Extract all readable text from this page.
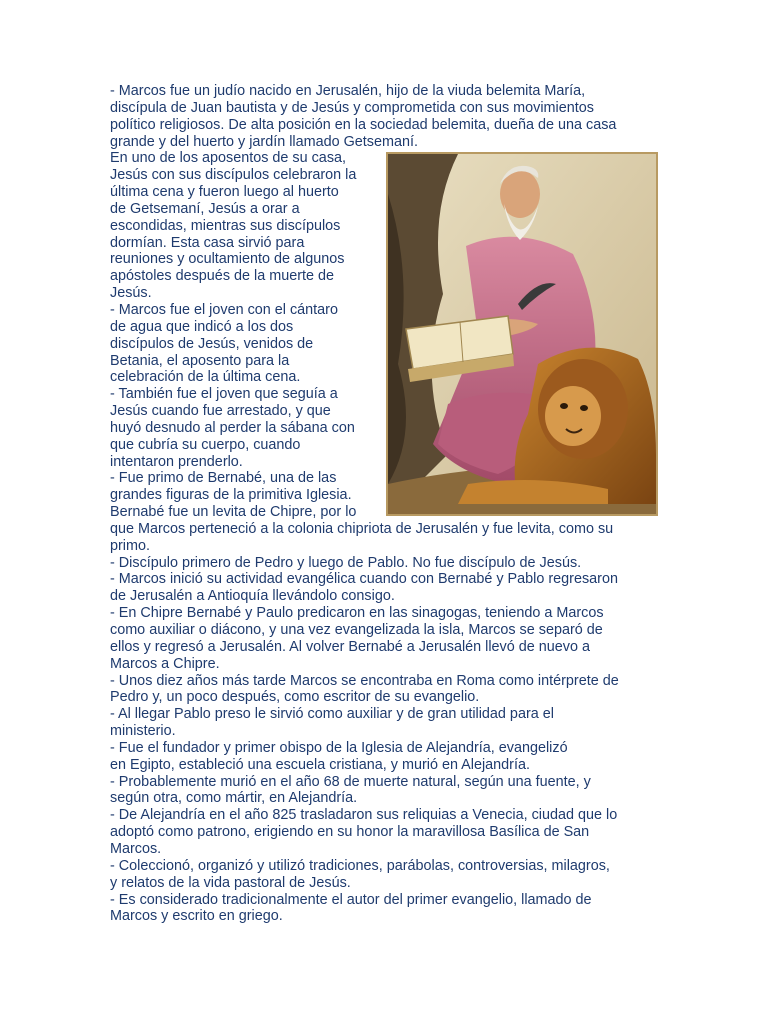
- Marcos fue un judío nacido en Jerusalén, hijo de la viuda belemita María,
discípula de Juan bautista y de Jesús y comprometida con sus movimientos
político religiosos. De alta posición en la sociedad belemita, dueña de una casa
grande y del huerto y jardín llamado Getsemaní.
En uno de los aposentos de su casa,
Jesús con sus discípulos celebraron la
última cena y fueron luego al huerto
de Getsemaní, Jesús a orar a
escondidas, mientras sus discípulos
dormían. Esta casa sirvió para
reuniones y ocultamiento de algunos
apóstoles después de la muerte de
Jesús.
- Marcos fue el joven con el cántaro
de agua que indicó a los dos
discípulos de Jesús, venidos de
Betania, el aposento para la
celebración de la última cena.
- También fue el joven que seguía a
Jesús cuando fue arrestado, y que
huyó desnudo al perder la sábana con
que cubría su cuerpo, cuando
intentaron prenderlo.
- Fue primo de Bernabé, una de las
grandes figuras de la primitiva Iglesia.
Bernabé fue un levita de Chipre, por lo
que Marcos perteneció a la colonia chipriota de Jerusalén y fue levita, como su
primo.
- Discípulo primero de Pedro y luego de Pablo. No fue discípulo de Jesús.
- Marcos inició su actividad evangélica cuando con Bernabé y Pablo regresaron
de Jerusalén a Antioquía llevándolo consigo.
- En Chipre Bernabé y Paulo predicaron en las sinagogas, teniendo a Marcos
como auxiliar o diácono, y una vez evangelizada la isla, Marcos se separó de
ellos y regresó a Jerusalén. Al volver Bernabé a Jerusalén llevó de nuevo a
Marcos a Chipre.
- Unos diez años más tarde Marcos se encontraba en Roma como intérprete de
Pedro y, un poco después, como escritor de su evangelio.
- Al llegar Pablo preso le sirvió como auxiliar y de gran utilidad para el
ministerio.
- Fue el fundador y primer obispo de la Iglesia de Alejandría, evangelizó
en Egipto, estableció una escuela cristiana, y murió en Alejandría.
- Probablemente murió en el año 68 de muerte natural, según una fuente, y
según otra, como mártir, en Alejandría.
- De Alejandría en el año 825 trasladaron sus reliquias a Venecia, ciudad que lo
adoptó como patrono, erigiendo en su honor la maravillosa Basílica de San
Marcos.
- Coleccionó, organizó y utilizó tradiciones, parábolas, controversias, milagros,
y relatos de la vida pastoral de Jesús.
- Es considerado tradicionalmente el autor del primer evangelio, llamado de
Marcos y escrito en griego.
